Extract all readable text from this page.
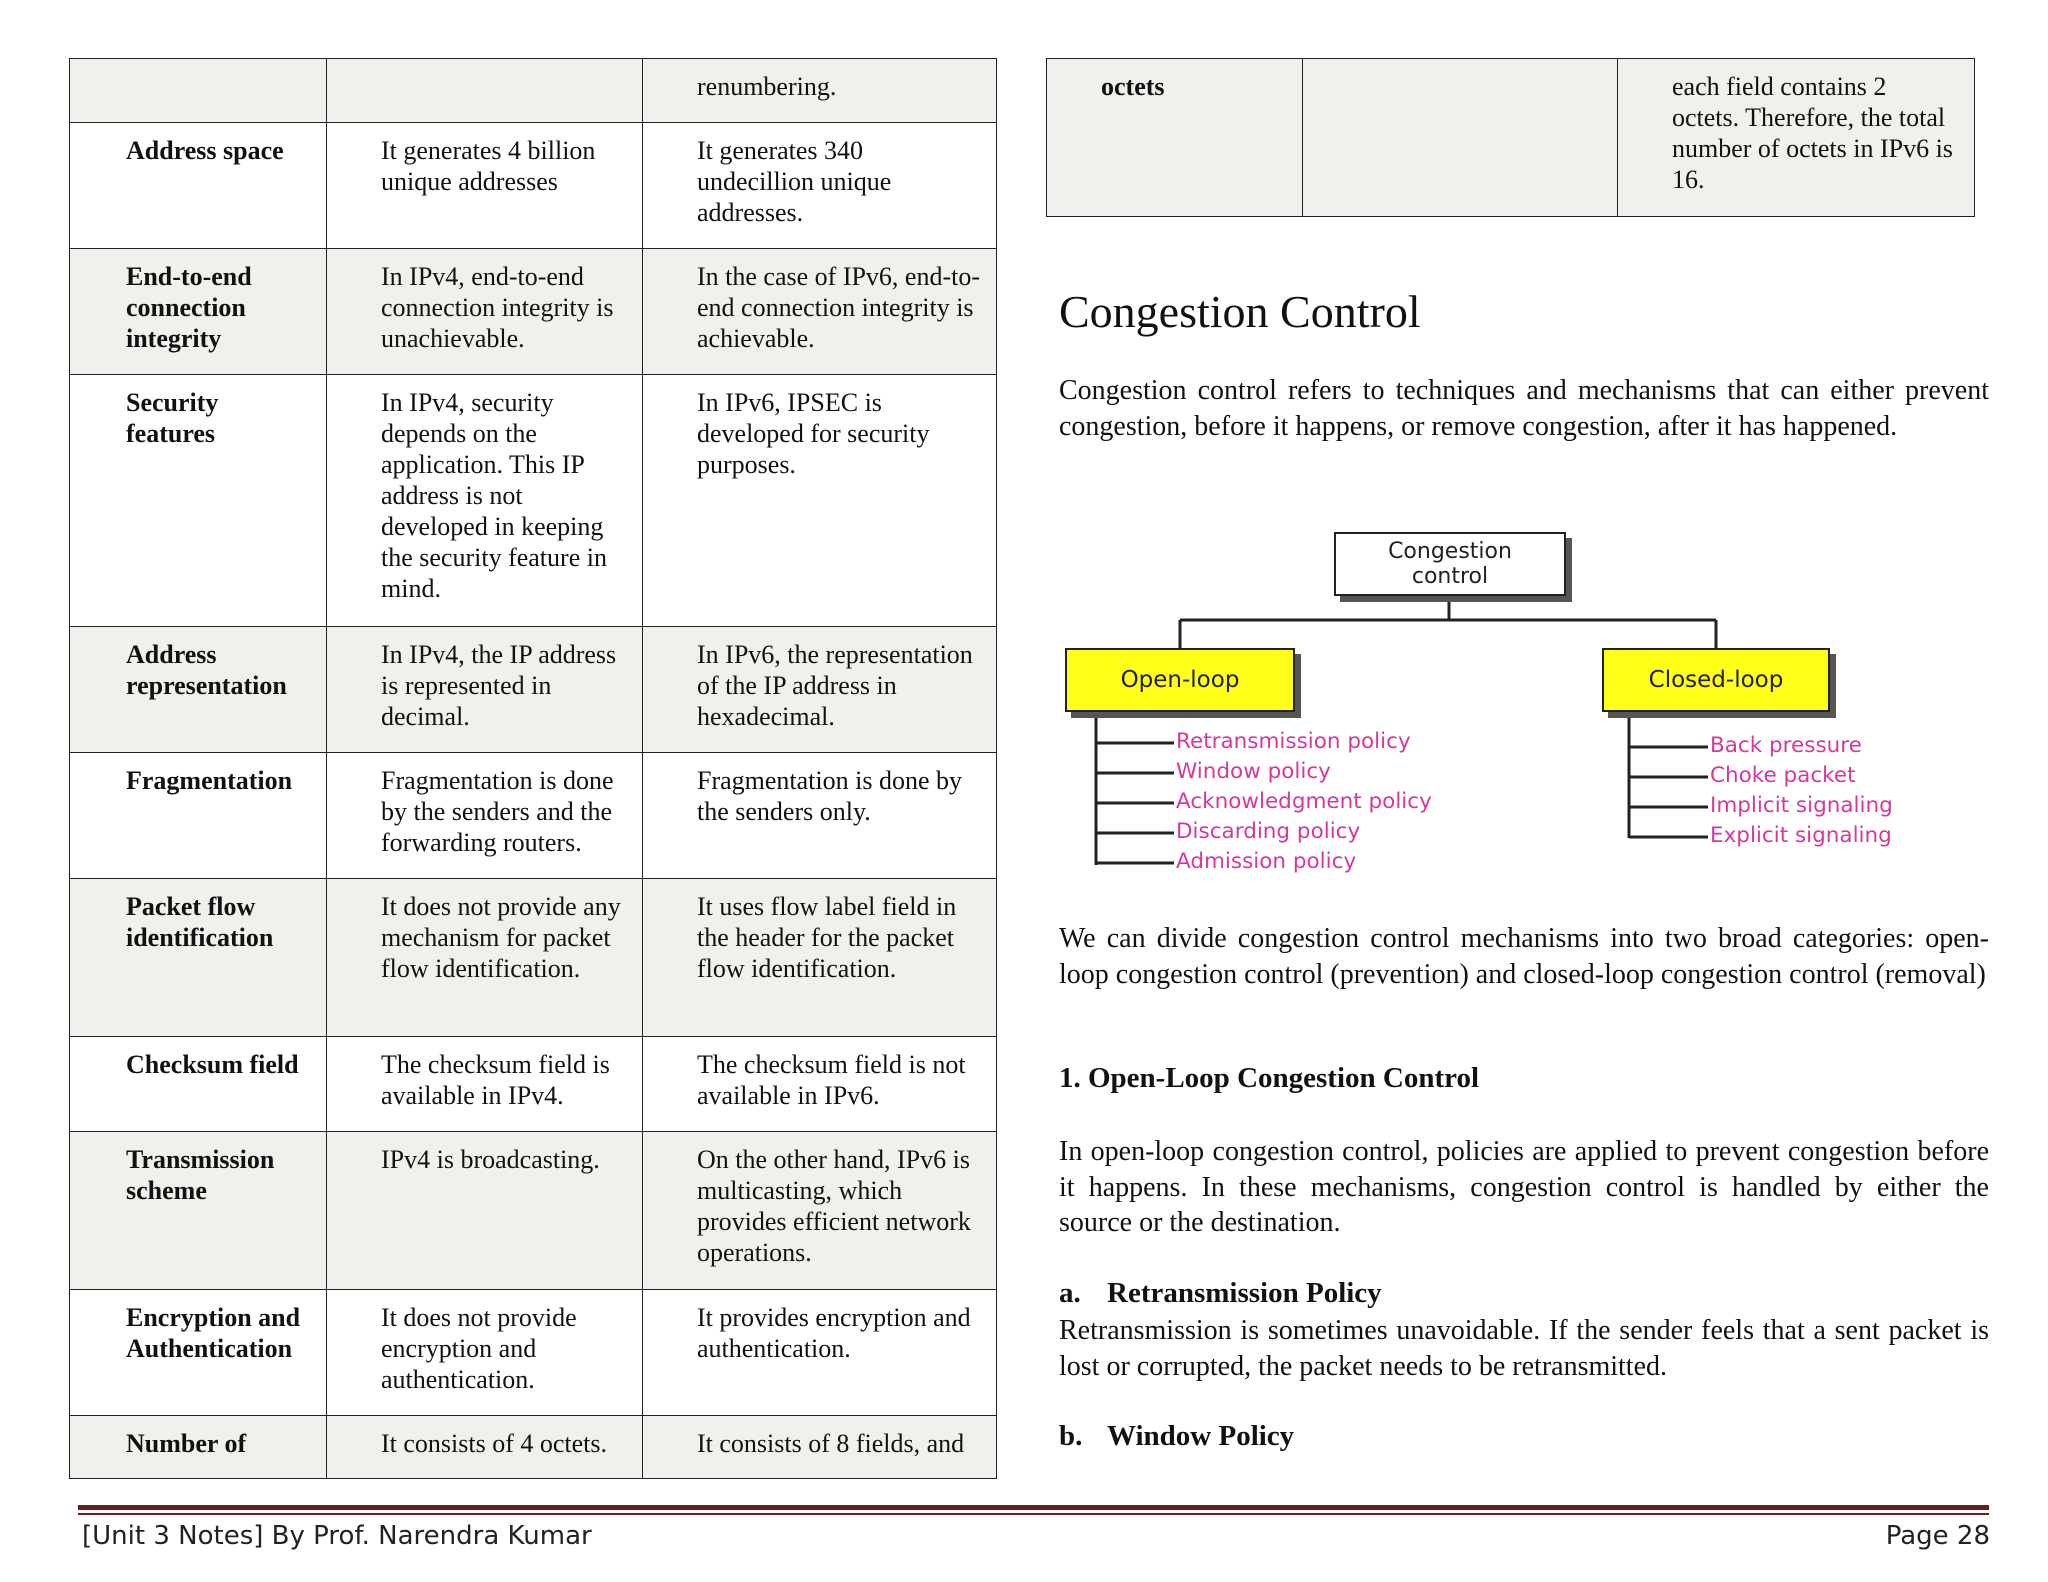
		renumbering.
Address space	It generates 4 billion unique addresses	It generates 340 undecillion unique addresses.
End-to-end connection integrity	In IPv4, end-to-end connection integrity is unachievable.	In the case of IPv6, end-to-end connection integrity is achievable.
Security features	In IPv4, security depends on the application. This IP address is not developed in keeping the security feature in mind.	In IPv6, IPSEC is developed for security purposes.
Address representation	In IPv4, the IP address is represented in decimal.	In IPv6, the representation of the IP address in hexadecimal.
Fragmentation	Fragmentation is done by the senders and the forwarding routers.	Fragmentation is done by the senders only.
Packet flow identification	It does not provide any mechanism for packet flow identification.	It uses flow label field in the header for the packet flow identification.
Checksum field	The checksum field is available in IPv4.	The checksum field is not available in IPv6.
Transmission scheme	IPv4 is broadcasting.	On the other hand, IPv6 is multicasting, which provides efficient network operations.
Encryption and Authentication	It does not provide encryption and authentication.	It provides encryption and authentication.
Number of	It consists of 4 octets.	It consists of 8 fields, and
octets		each field contains 2 octets. Therefore, the total number of octets in IPv6 is 16.
Congestion Control

Congestion control refers to techniques and mechanisms that can either prevent congestion, before it happens, or remove congestion, after it has happened.

Congestion
control
Open-loop	Closed-loop
Retransmission policy
Window policy
Acknowledgment policy
Discarding policy
Admission policy
Back pressure
Choke packet
Implicit signaling
Explicit signaling

We can divide congestion control mechanisms into two broad categories: open-loop congestion control (prevention) and closed-loop congestion control (removal)

1. Open-Loop Congestion Control

In open-loop congestion control, policies are applied to prevent congestion before it happens. In these mechanisms, congestion control is handled by either the source or the destination.

a. Retransmission Policy

Retransmission is sometimes unavoidable. If the sender feels that a sent packet is lost or corrupted, the packet needs to be retransmitted.

b. Window Policy
[Unit 3 Notes] By Prof. Narendra Kumar	Page 28
